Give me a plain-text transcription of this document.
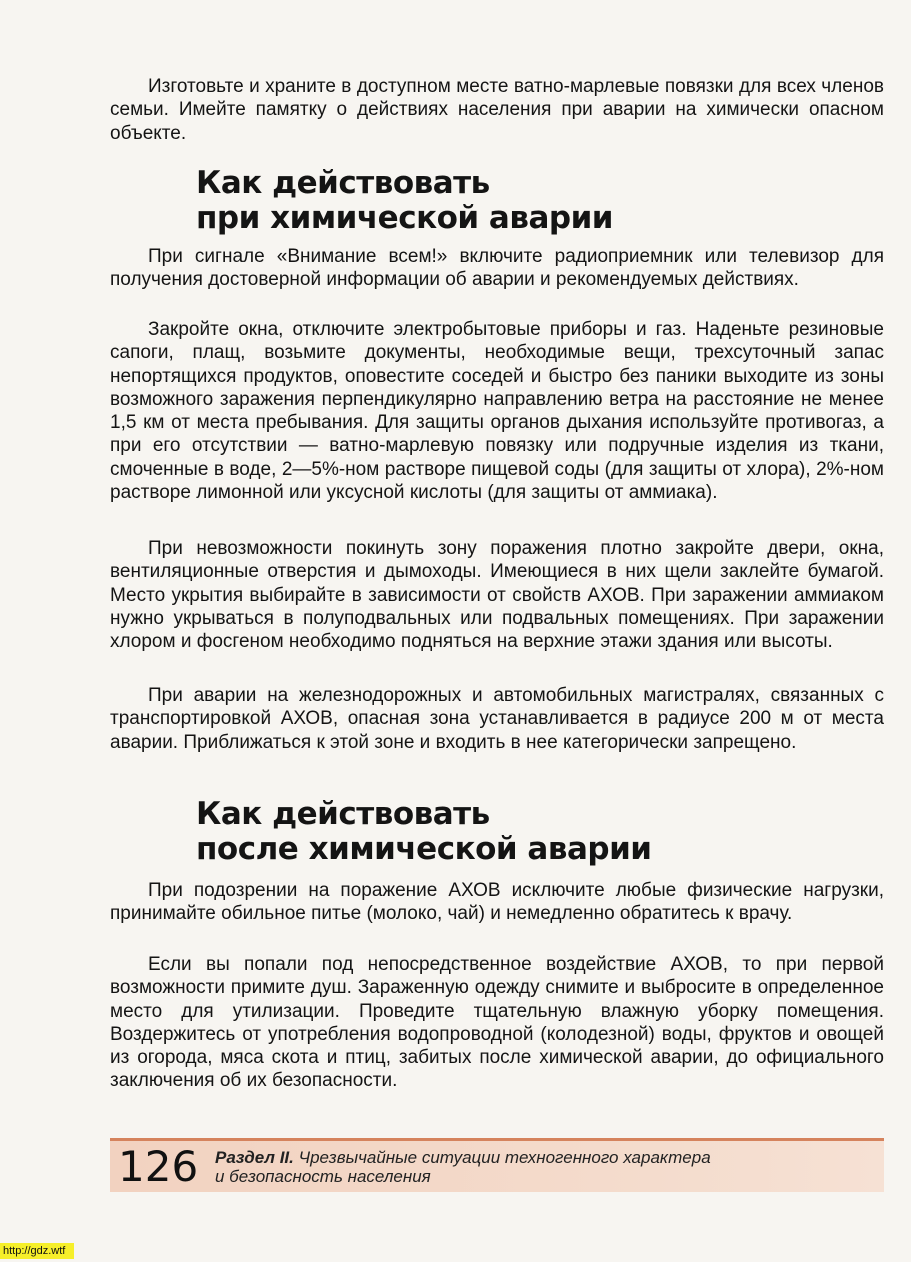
Изготовьте и храните в доступном месте ватно-марлевые повязки для всех членов семьи. Имейте памятку о действиях населения при аварии на химически опасном объекте.

Как действовать
при химической аварии

При сигнале «Внимание всем!» включите радиоприемник или телевизор для получения достоверной информации об аварии и рекомендуемых действиях.

Закройте окна, отключите электробытовые приборы и газ. Наденьте резиновые сапоги, плащ, возьмите документы, необходимые вещи, трехсуточный запас непортящихся продуктов, оповестите соседей и быстро без паники выходите из зоны возможного заражения перпендикулярно направлению ветра на расстояние не менее 1,5 км от места пребывания. Для защиты органов дыхания используйте противогаз, а при его отсутствии — ватно-марлевую повязку или подручные изделия из ткани, смоченные в воде, 2—5%-ном растворе пищевой соды (для защиты от хлора), 2%-ном растворе лимонной или уксусной кислоты (для защиты от аммиака).

При невозможности покинуть зону поражения плотно закройте двери, окна, вентиляционные отверстия и дымоходы. Имеющиеся в них щели заклейте бумагой. Место укрытия выбирайте в зависимости от свойств АХОВ. При заражении аммиаком нужно укрываться в полуподвальных или подвальных помещениях. При заражении хлором и фосгеном необходимо подняться на верхние этажи здания или высоты.

При аварии на железнодорожных и автомобильных магистралях, связанных с транспортировкой АХОВ, опасная зона устанавливается в радиусе 200 м от места аварии. Приближаться к этой зоне и входить в нее категорически запрещено.

Как действовать
после химической аварии

При подозрении на поражение АХОВ исключите любые физические нагрузки, принимайте обильное питье (молоко, чай) и немедленно обратитесь к врачу.

Если вы попали под непосредственное воздействие АХОВ, то при первой возможности примите душ. Зараженную одежду снимите и выбросите в определенное место для утилизации. Проведите тщательную влажную уборку помещения. Воздержитесь от употребления водопроводной (колодезной) воды, фруктов и овощей из огорода, мяса скота и птиц, забитых после химической аварии, до официального заключения об их безопасности.

126 Раздел II. Чрезвычайные ситуации техногенного характера
и безопасность населения
http://gdz.wtf
